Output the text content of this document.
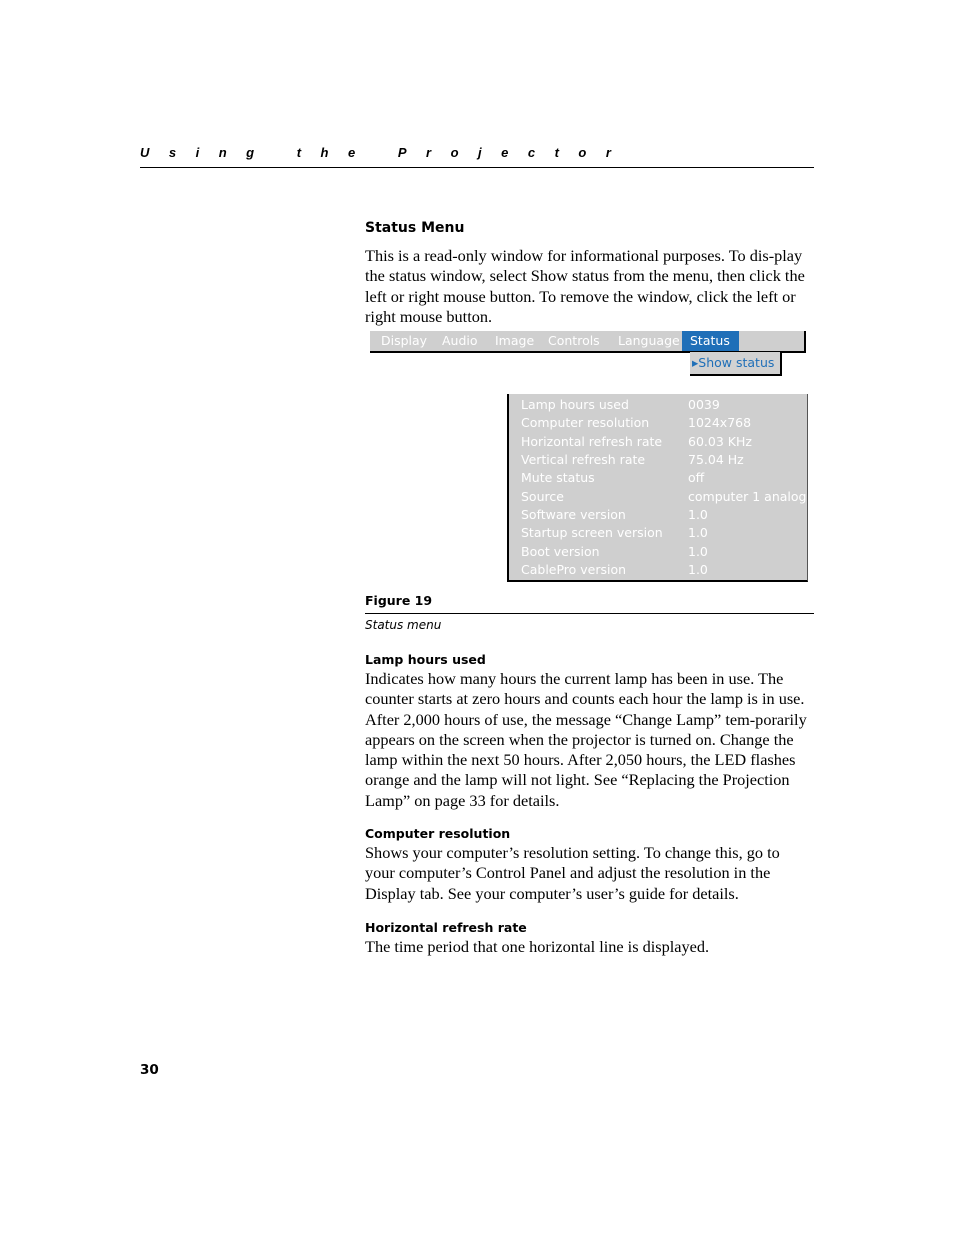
Using the Projector
Status Menu
This is a read-only window for informational purposes. To dis-play the status window, select Show status from the menu, then click the left or right mouse button. To remove the window, click the left or right mouse button.
Display Audio Image Controls Language Status
▸Show status
Lamp hours used	0039
Computer resolution	1024x768
Horizontal refresh rate 60.03 KHz
Vertical refresh rate	75.04 Hz
Mute status	off
Source	computer 1 analog
Software version	1.0
Startup screen version 1.0
Boot version	1.0
CablePro version	1.0
Figure 19
Status menu
Lamp hours used
Indicates how many hours the current lamp has been in use. The counter starts at zero hours and counts each hour the lamp is in use. After 2,000 hours of use, the message “Change Lamp” tem-porarily appears on the screen when the projector is turned on. Change the lamp within the next 50 hours. After 2,050 hours, the LED flashes orange and the lamp will not light. See “Replacing the Projection Lamp” on page 33 for details.
Computer resolution
Shows your computer’s resolution setting. To change this, go to your computer’s Control Panel and adjust the resolution in the Display tab. See your computer’s user’s guide for details.
Horizontal refresh rate
The time period that one horizontal line is displayed.
30
